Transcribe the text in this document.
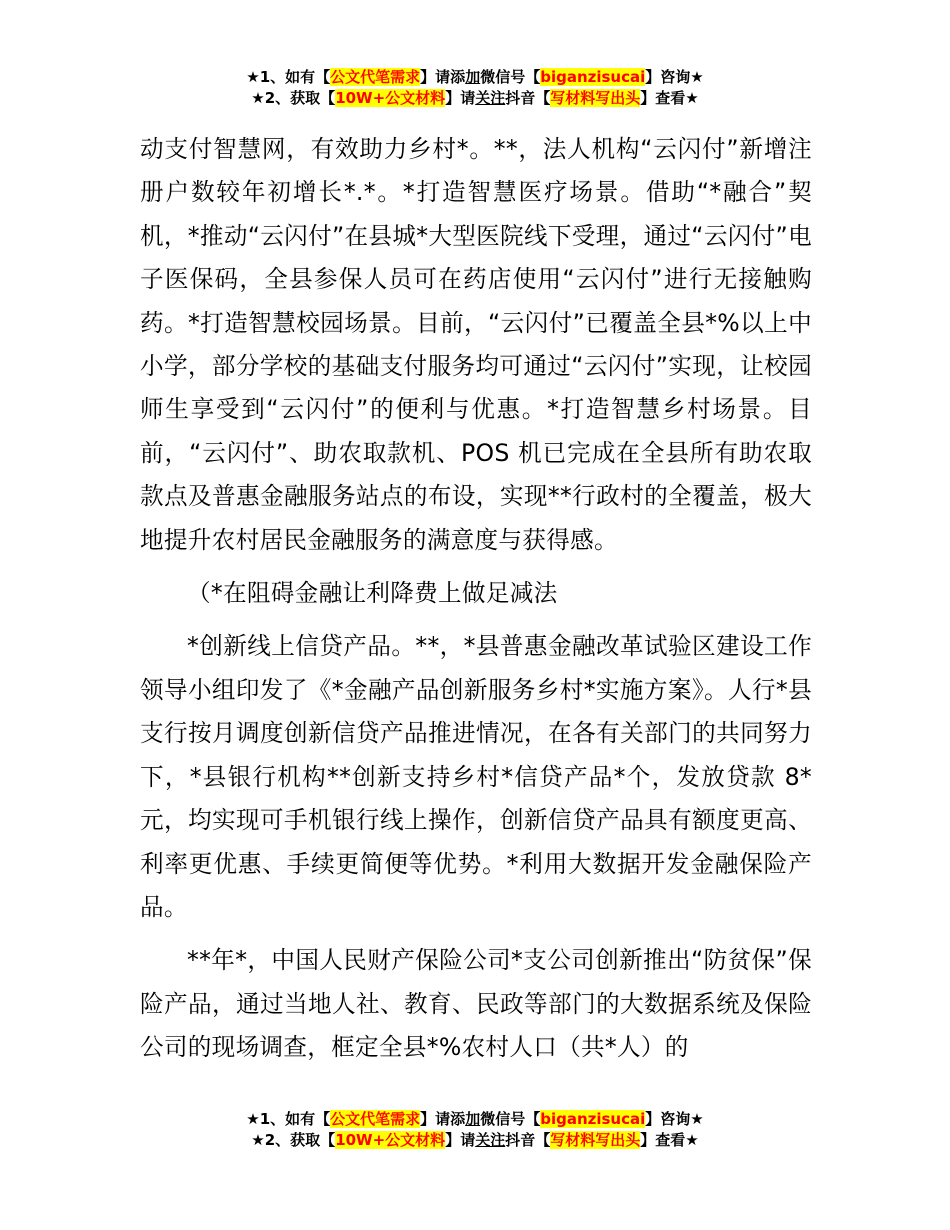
★1、如有【公文代笔需求】请添加微信号【biganzisucai】咨询★
★2、获取【10W+公文材料】请关注抖音【写材料写出头】查看★

动支付智慧网，有效助力乡村*。**，法人机构“云闪付”新增注册户数较年初增长*.*。*打造智慧医疗场景。借助“*融合”契机，*推动“云闪付”在县城*大型医院线下受理，通过“云闪付”电子医保码，全县参保人员可在药店使用“云闪付”进行无接触购药。*打造智慧校园场景。目前，“云闪付”已覆盖全县*%以上中小学，部分学校的基础支付服务均可通过“云闪付”实现，让校园师生享受到“云闪付”的便利与优惠。*打造智慧乡村场景。目前，“云闪付”、助农取款机、POS 机已完成在全县所有助农取款点及普惠金融服务站点的布设，实现**行政村的全覆盖，极大地提升农村居民金融服务的满意度与获得感。

（*在阻碍金融让利降费上做足减法

*创新线上信贷产品。**，*县普惠金融改革试验区建设工作领导小组印发了《*金融产品创新服务乡村*实施方案》。人行*县支行按月调度创新信贷产品推进情况，在各有关部门的共同努力下，*县银行机构**创新支持乡村*信贷产品*个，发放贷款 8*元，均实现可手机银行线上操作，创新信贷产品具有额度更高、利率更优惠、手续更简便等优势。*利用大数据开发金融保险产品。

**年*，中国人民财产保险公司*支公司创新推出“防贫保”保险产品，通过当地人社、教育、民政等部门的大数据系统及保险公司的现场调查，框定全县*%农村人口（共*人）的

★1、如有【公文代笔需求】请添加微信号【biganzisucai】咨询★
★2、获取【10W+公文材料】请关注抖音【写材料写出头】查看★
